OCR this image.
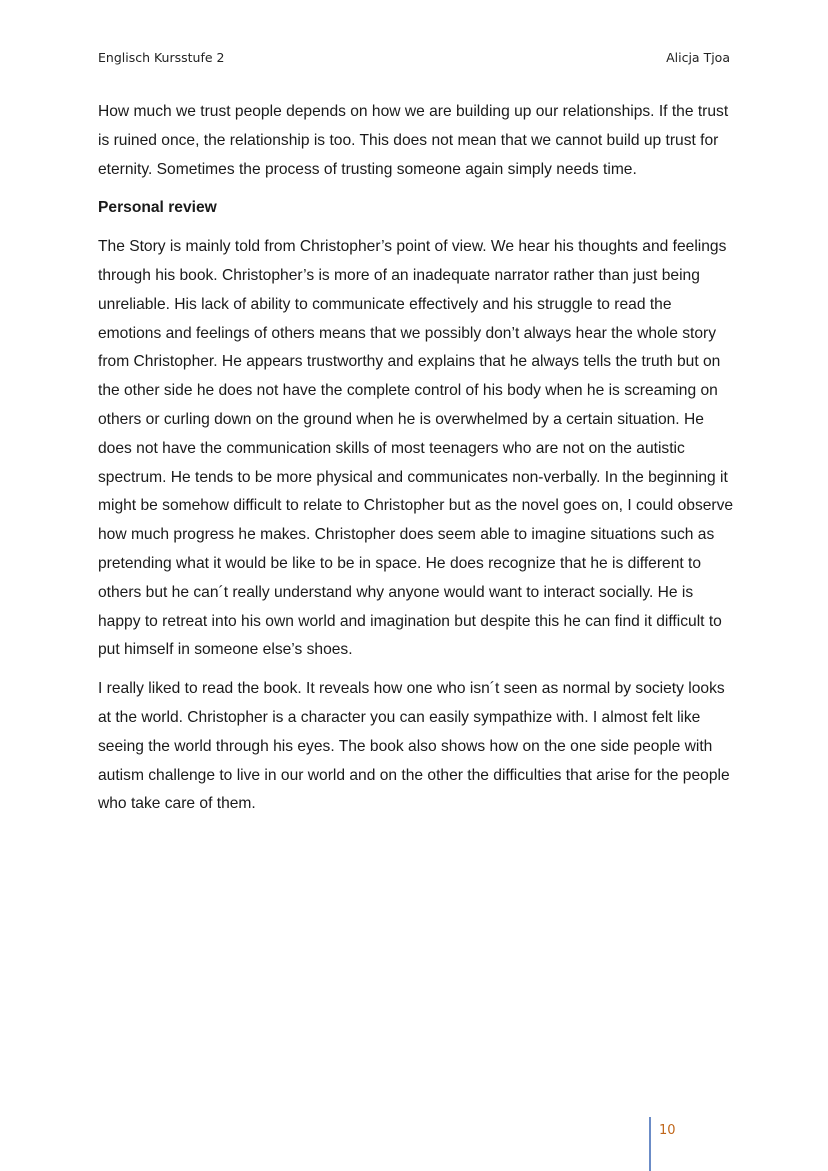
Englisch Kursstufe 2	Alicja Tjoa

How much we trust people depends on how we are building up our relationships. If the trust is ruined once, the relationship is too. This does not mean that we cannot build up trust for eternity. Sometimes the process of trusting someone again simply needs time.

Personal review

The Story is mainly told from Christopher’s point of view. We hear his thoughts and feelings through his book. Christopher’s is more of an inadequate narrator rather than just being unreliable. His lack of ability to communicate effectively and his struggle to read the emotions and feelings of others means that we possibly don’t always hear the whole story from Christopher. He appears trustworthy and explains that he always tells the truth but on the other side he does not have the complete control of his body when he is screaming on others or curling down on the ground when he is overwhelmed by a certain situation. He does not have the communication skills of most teenagers who are not on the autistic spectrum. He tends to be more physical and communicates non-verbally. In the beginning it might be somehow difficult to relate to Christopher but as the novel goes on, I could observe how much progress he makes. Christopher does seem able to imagine situations such as pretending what it would be like to be in space. He does recognize that he is different to others but he can´t really understand why anyone would want to interact socially. He is happy to retreat into his own world and imagination but despite this he can find it difficult to put himself in someone else’s shoes.

I really liked to read the book. It reveals how one who isn´t seen as normal by society looks at the world. Christopher is a character you can easily sympathize with. I almost felt like seeing the world through his eyes. The book also shows how on the one side people with autism challenge to live in our world and on the other the difficulties that arise for the people who take care of them.

10
